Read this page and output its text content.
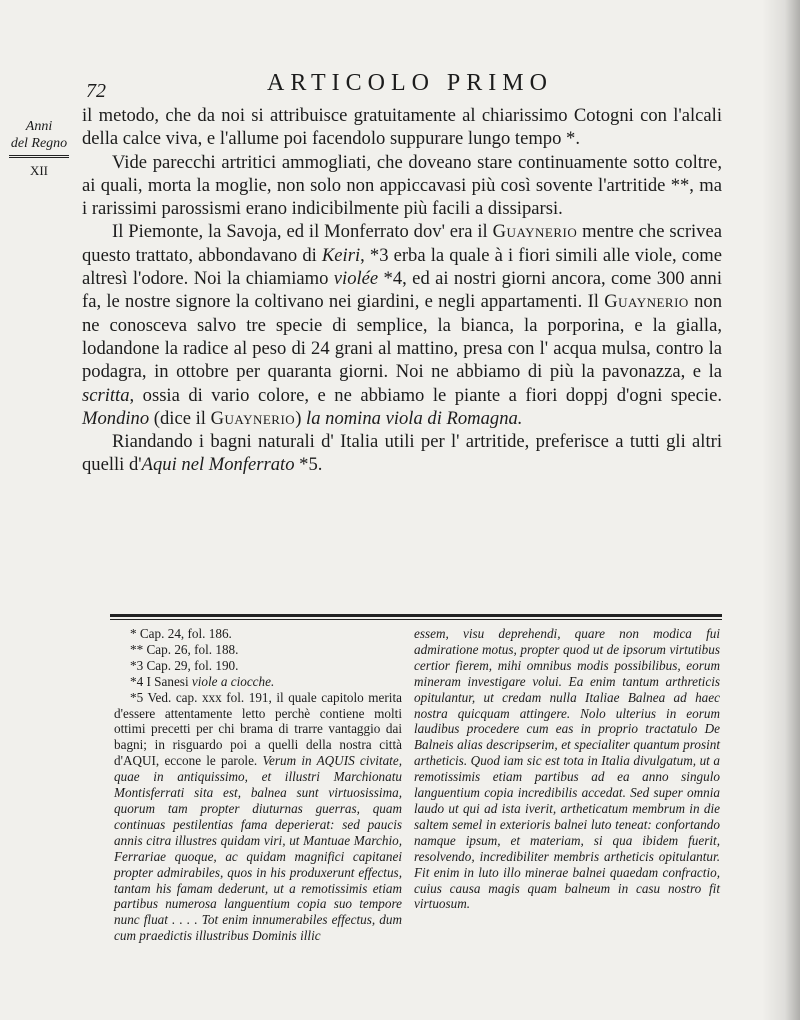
72	ARTICOLO PRIMO
Anni
del Regno
XII

il metodo, che da noi si attribuisce gratuitamente al chiarissimo Cotogni con l'alcali della calce viva, e l'allume poi facendolo suppurare lungo tempo *.

Vide parecchi artritici ammogliati, che doveano stare continuamente sotto coltre, ai quali, morta la moglie, non solo non appiccavasi più così sovente l'artritide **, ma i rarissimi parossismi erano indicibilmente più facili a dissiparsi.

Il Piemonte, la Savoja, ed il Monferrato dov' era il Guaynerio mentre che scrivea questo trattato, abbondavano di Keiri, *3 erba la quale à i fiori simili alle viole, come altresì l'odore. Noi la chiamiamo violée *4, ed ai nostri giorni ancora, come 300 anni fa, le nostre signore la coltivano nei giardini, e negli appartamenti. Il Guaynerio non ne conosceva salvo tre specie di semplice, la bianca, la porporina, e la gialla, lodandone la radice al peso di 24 grani al mattino, presa con l' acqua mulsa, contro la podagra, in ottobre per quaranta giorni. Noi ne abbiamo di più la pavonazza, e la scritta, ossia di vario colore, e ne abbiamo le piante a fiori doppj d'ogni specie. Mondino (dice il Guaynerio) la nomina viola di Romagna.

Riandando i bagni naturali d' Italia utili per l' artritide, preferisce a tutti gli altri quelli d'Aqui nel Monferrato *5.

* Cap. 24, fol. 186.

** Cap. 26, fol. 188.

*3 Cap. 29, fol. 190.

*4 I Sanesi viole a ciocche.

*5 Ved. cap. xxx fol. 191, il quale capitolo merita d'essere attentamente letto perchè contiene molti ottimi precetti per chi brama di trarre vantaggio dai bagni; in risguardo poi a quelli della nostra città d'AQUI, eccone le parole. Verum in AQUIS civitate, quae in antiquissimo, et illustri Marchionatu Montisferrati sita est, balnea sunt virtuosissima, quorum tam propter diuturnas guerras, quam continuas pestilentias fama deperierat: sed paucis annis citra illustres quidam viri, ut Mantuae Marchio, Ferrariae quoque, ac quidam magnifici capitanei propter admirabiles, quos in his produxerunt effectus, tantam his famam dederunt, ut a remotissimis etiam partibus numerosa languentium copia suo tempore nunc fluat . . . . Tot enim innumerabiles effectus, dum cum praedictis illustribus Dominis illic

essem, visu deprehendi, quare non modica fui admiratione motus, propter quod ut de ipsorum virtutibus certior fierem, mihi omnibus modis possibilibus, eorum mineram investigare volui. Ea enim tantum arthreticis opitulantur, ut credam nulla Italiae Balnea ad haec nostra quicquam attingere. Nolo ulterius in eorum laudibus procedere cum eas in proprio tractatulo De Balneis alias descripserim, et specialiter quantum prosint artheticis. Quod iam sic est tota in Italia divulgatum, ut a remotissimis etiam partibus ad ea anno singulo languentium copia incredibilis accedat. Sed super omnia laudo ut qui ad ista iverit, artheticatum membrum in die saltem semel in exterioris balnei luto teneat: confortando namque ipsum, et materiam, si qua ibidem fuerit, resolvendo, incredibiliter membris artheticis opitulantur. Fit enim in luto illo minerae balnei quaedam confractio, cuius causa magis quam balneum in casu nostro fit virtuosum.
